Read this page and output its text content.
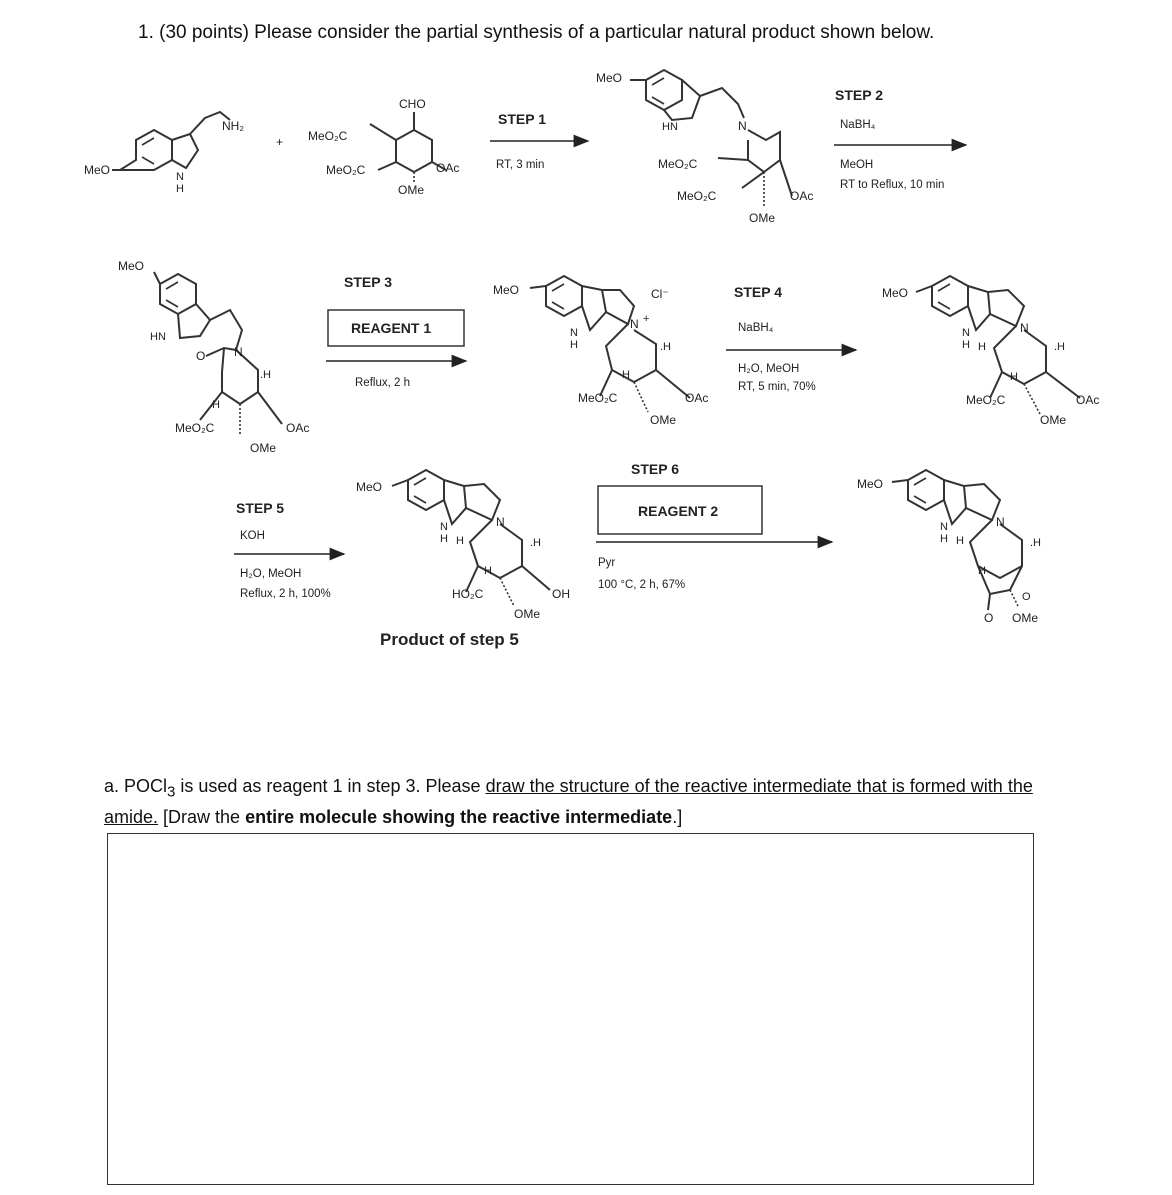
1. (30 points) Please consider the partial synthesis of a particular natural product shown below.
MeO	N
H
NH₂
+
CHO
MeO₂C
MeO₂C	OAc
OMe
STEP 1
RT, 3 min
MeO
HN	N
MeO₂C
MeO₂C	OAc
OMe
STEP 2
NaBH₄
MeOH
RT to Reflux, 10 min
MeO
HN
O N
.H
H
MeO₂C	OAc
OMe
STEP 3
REAGENT 1
Reflux, 2 h
MeO	Cl⁻
N +
N
H	.H
H
MeO₂C	OAc
OMe
STEP 4
NaBH₄
H₂O, MeOH
RT, 5 min, 70%
MeO
N
N
H H	.H
H
MeO₂C	OAc
OMe
STEP 5
KOH
H₂O, MeOH
Reflux, 2 h, 100%
MeO
N
N
H H	.H
H
HO₂C	OH
OMe
Product of step 5
STEP 6
REAGENT 2
Pyr
100 °C, 2 h, 67%
MeO
N
N
H H	.H
H
O
O OMe
a. POCl$_3$ is used as reagent 1 in step 3. Please draw the structure of the reactive intermediate that is formed with the amide. [Draw the entire molecule showing the reactive intermediate.]
